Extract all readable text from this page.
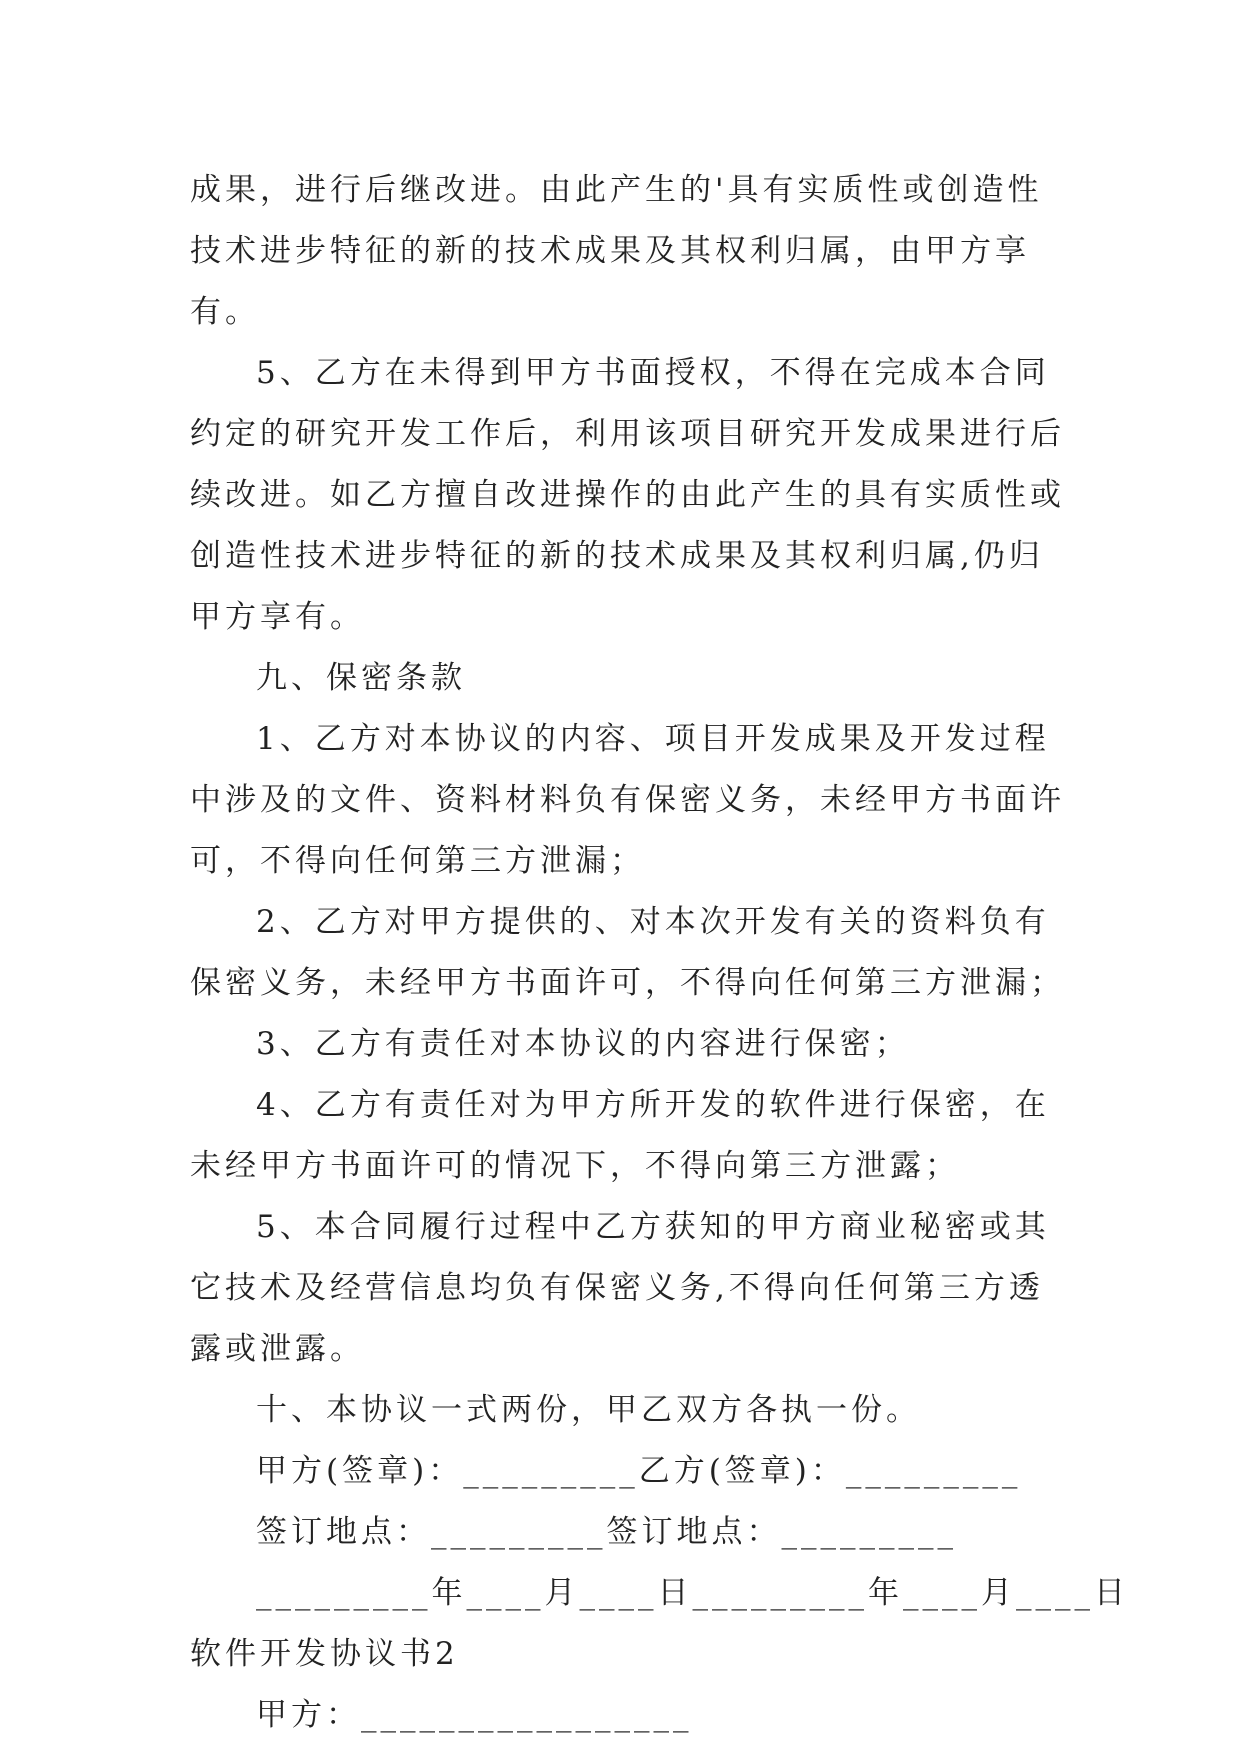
成果，进行后继改进。由此产生的'具有实质性或创造性技术进步特征的新的技术成果及其权利归属，由甲方享有。

5、乙方在未得到甲方书面授权，不得在完成本合同约定的研究开发工作后，利用该项目研究开发成果进行后续改进。如乙方擅自改进操作的由此产生的具有实质性或创造性技术进步特征的新的技术成果及其权利归属,仍归甲方享有。

九、保密条款

1、乙方对本协议的内容、项目开发成果及开发过程中涉及的文件、资料材料负有保密义务，未经甲方书面许可，不得向任何第三方泄漏；

2、乙方对甲方提供的、对本次开发有关的资料负有保密义务，未经甲方书面许可，不得向任何第三方泄漏；

3、乙方有责任对本协议的内容进行保密；

4、乙方有责任对为甲方所开发的软件进行保密，在未经甲方书面许可的情况下，不得向第三方泄露；

5、本合同履行过程中乙方获知的甲方商业秘密或其它技术及经营信息均负有保密义务,不得向任何第三方透露或泄露。

十、本协议一式两份，甲乙双方各执一份。

甲方(签章)：_________乙方(签章)：_________

签订地点：_________签订地点：_________

_________年____月____日_________年____月____日

软件开发协议书2

甲方：_________________
